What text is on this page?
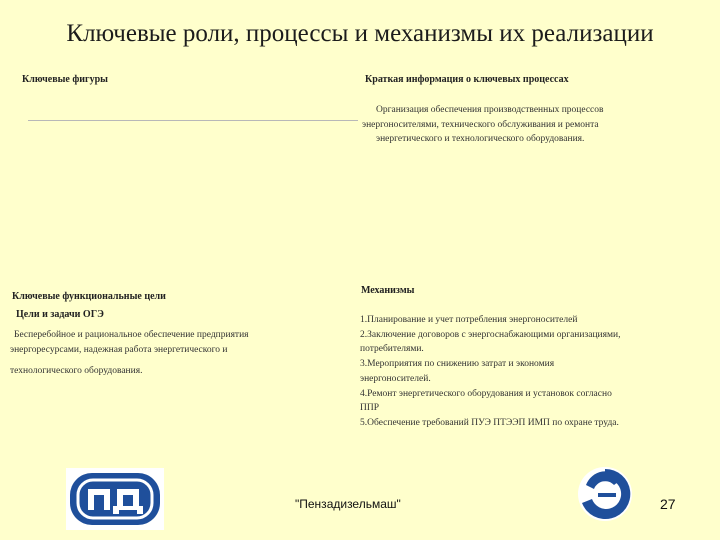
Ключевые роли, процессы и механизмы их реализации
Ключевые фигуры	Краткая информация о ключевых процессах
Организация обеспечения производственных процессов
энергоносителями, технического обслуживания и ремонта
энергетического и технологического оборудования.
Ключевые функциональные цели
Цели и задачи ОГЭ
Бесперебойное и рациональное обеспечение предприятия
энергоресурсами, надежная работа энергетического и
технологического оборудования.
Механизмы
1.Планирование и учет потребления энергоносителей
2.Заключение договоров с энергоснабжающими организациями,
потребителями.
3.Мероприятия по снижению затрат и экономия
энергоносителей.
4.Ремонт энергетического оборудования и установок согласно
ППР
5.Обеспечение требований ПУЭ ПТЭЭП ИМП по охране труда.
"Пензадизельмаш"	27
